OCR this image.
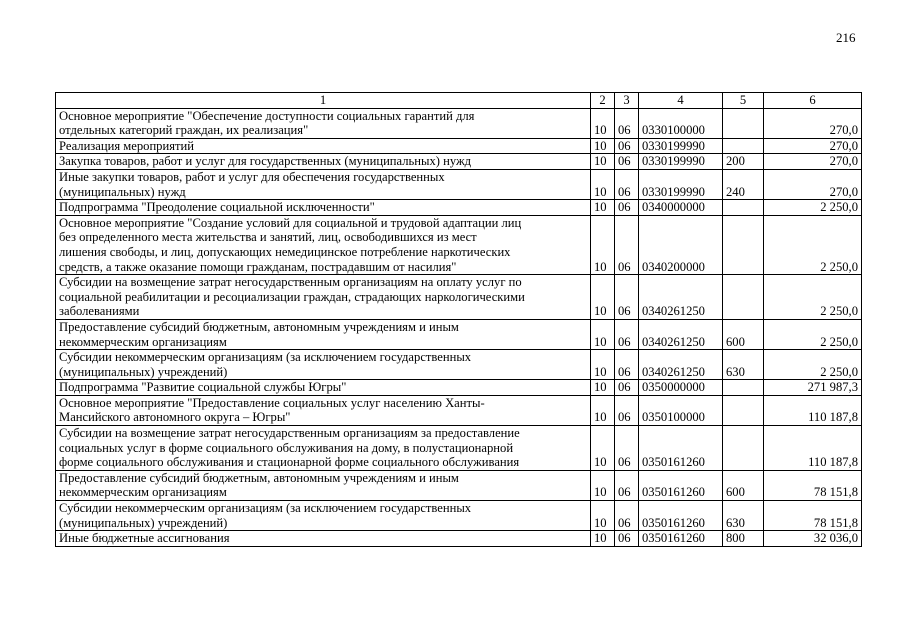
216
1	2	3	4	5	6

Основное мероприятие "Обеспечение доступности социальных гарантий для
отдельных категорий граждан, их реализация"	10	06	0330100000		270,0

Реализация мероприятий	10	06	0330199990		270,0

Закупка товаров, работ и услуг для государственных (муниципальных) нужд	10	06	0330199990	200	270,0

Иные закупки товаров, работ и услуг для обеспечения государственных
(муниципальных) нужд	10	06	0330199990	240	270,0

Подпрограмма "Преодоление социальной исключенности"	10	06	0340000000		2 250,0

Основное мероприятие "Создание условий для социальной и трудовой адаптации лиц
без определенного места жительства и занятий, лиц, освободившихся из мест
лишения свободы, и лиц, допускающих немедицинское потребление наркотических
средств, а также оказание помощи гражданам, пострадавшим от насилия"	10	06	0340200000		2 250,0

Субсидии на возмещение затрат негосударственным организациям на оплату услуг по
социальной реабилитации и ресоциализации граждан, страдающих наркологическими
заболеваниями	10	06	0340261250		2 250,0

Предоставление субсидий бюджетным, автономным учреждениям и иным
некоммерческим организациям	10	06	0340261250	600	2 250,0

Субсидии некоммерческим организациям (за исключением государственных
(муниципальных) учреждений)	10	06	0340261250	630	2 250,0

Подпрограмма "Развитие социальной службы Югры"	10	06	0350000000		271 987,3

Основное мероприятие "Предоставление социальных услуг населению Ханты-
Мансийского автономного округа – Югры"	10	06	0350100000		110 187,8

Субсидии на возмещение затрат негосударственным организациям за предоставление
социальных услуг в форме социального обслуживания на дому, в полустационарной
форме социального обслуживания и стационарной форме социального обслуживания	10	06	0350161260		110 187,8

Предоставление субсидий бюджетным, автономным учреждениям и иным
некоммерческим организациям	10	06	0350161260	600	78 151,8

Субсидии некоммерческим организациям (за исключением государственных
(муниципальных) учреждений)	10	06	0350161260	630	78 151,8

Иные бюджетные ассигнования	10	06	0350161260	800	32 036,0
